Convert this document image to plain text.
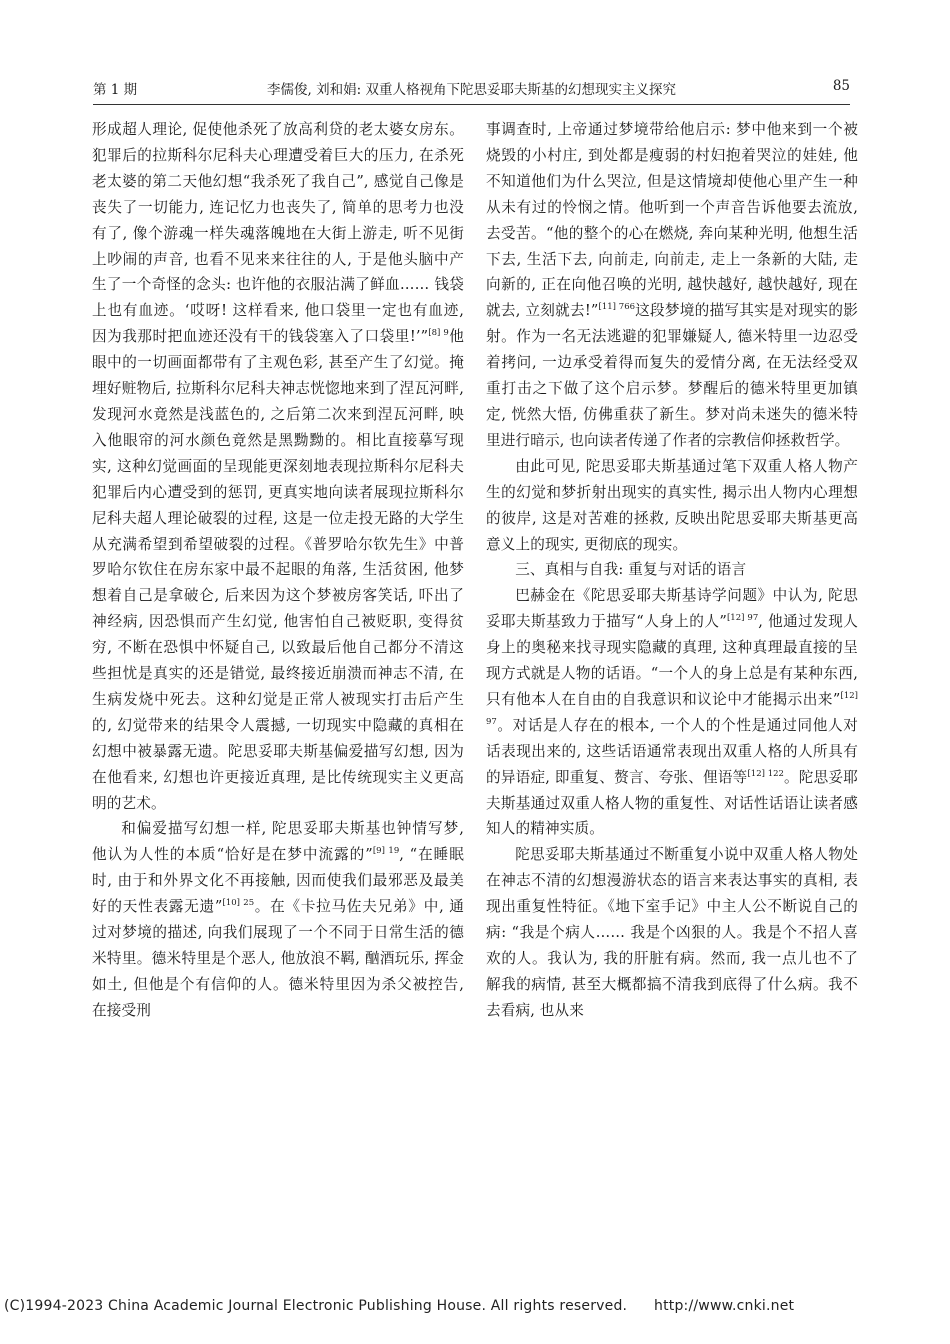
第 1 期	李儒俊, 刘和娟: 双重人格视角下陀思妥耶夫斯基的幻想现实主义探究	85

形成超人理论, 促使他杀死了放高利贷的老太婆女房东。犯罪后的拉斯科尔尼科夫心理遭受着巨大的压力, 在杀死老太婆的第二天他幻想“我杀死了我自己”, 感觉自己像是丧失了一切能力, 连记忆力也丧失了, 简单的思考力也没有了, 像个游魂一样失魂落魄地在大街上游走, 听不见街上吵闹的声音, 也看不见来来往往的人, 于是他头脑中产生了一个奇怪的念头: 也许他的衣服沾满了鲜血…… 钱袋上也有血迹。‘哎呀! 这样看来, 他口袋里一定也有血迹, 因为我那时把血迹还没有干的钱袋塞入了口袋里!’”$^{[8] 9}$他眼中的一切画面都带有了主观色彩, 甚至产生了幻觉。掩埋好赃物后, 拉斯科尔尼科夫神志恍惚地来到了涅瓦河畔, 发现河水竟然是浅蓝色的, 之后第二次来到涅瓦河畔, 映入他眼帘的河水颜色竟然是黑黝黝的。相比直接摹写现实, 这种幻觉画面的呈现能更深刻地表现拉斯科尔尼科夫犯罪后内心遭受到的惩罚, 更真实地向读者展现拉斯科尔尼科夫超人理论破裂的过程, 这是一位走投无路的大学生从充满希望到希望破裂的过程。《普罗哈尔钦先生》中普罗哈尔钦住在房东家中最不起眼的角落, 生活贫困, 他梦想着自己是拿破仑, 后来因为这个梦被房客笑话, 吓出了神经病, 因恐惧而产生幻觉, 他害怕自己被贬职, 变得贫穷, 不断在恐惧中怀疑自己, 以致最后他自己都分不清这些担忧是真实的还是错觉, 最终接近崩溃而神志不清, 在生病发烧中死去。这种幻觉是正常人被现实打击后产生的, 幻觉带来的结果令人震撼, 一切现实中隐藏的真相在幻想中被暴露无遗。陀思妥耶夫斯基偏爱描写幻想, 因为在他看来, 幻想也许更接近真理, 是比传统现实主义更高明的艺术。

和偏爱描写幻想一样, 陀思妥耶夫斯基也钟情写梦, 他认为人性的本质“恰好是在梦中流露的”$^{[9] 19}$, “在睡眠时, 由于和外界文化不再接触, 因而使我们最邪恶及最美好的天性表露无遗”$^{[10] 25}$。在《卡拉马佐夫兄弟》中, 通过对梦境的描述, 向我们展现了一个不同于日常生活的德米特里。德米特里是个恶人, 他放浪不羁, 酗酒玩乐, 挥金如土, 但他是个有信仰的人。德米特里因为杀父被控告, 在接受刑

事调查时, 上帝通过梦境带给他启示: 梦中他来到一个被烧毁的小村庄, 到处都是瘦弱的村妇抱着哭泣的娃娃, 他不知道他们为什么哭泣, 但是这情境却使他心里产生一种从未有过的怜悯之情。他听到一个声音告诉他要去流放, 去受苦。“他的整个的心在燃烧, 奔向某种光明, 他想生活下去, 生活下去, 向前走, 向前走, 走上一条新的大陆, 走向新的, 正在向他召唤的光明, 越快越好, 越快越好, 现在就去, 立刻就去!”$^{[11] 766}$这段梦境的描写其实是对现实的影射。作为一名无法逃避的犯罪嫌疑人, 德米特里一边忍受着拷问, 一边承受着得而复失的爱情分离, 在无法经受双重打击之下做了这个启示梦。梦醒后的德米特里更加镇定, 恍然大悟, 仿佛重获了新生。梦对尚未迷失的德米特里进行暗示, 也向读者传递了作者的宗教信仰拯救哲学。

由此可见, 陀思妥耶夫斯基通过笔下双重人格人物产生的幻觉和梦折射出现实的真实性, 揭示出人物内心理想的彼岸, 这是对苦难的拯救, 反映出陀思妥耶夫斯基更高意义上的现实, 更彻底的现实。

三、真相与自我: 重复与对话的语言

巴赫金在《陀思妥耶夫斯基诗学问题》中认为, 陀思妥耶夫斯基致力于描写“人身上的人”$^{[12] 97}$, 他通过发现人身上的奥秘来找寻现实隐藏的真理, 这种真理最直接的呈现方式就是人物的话语。“一个人的身上总是有某种东西, 只有他本人在自由的自我意识和议论中才能揭示出来”$^{[12] 97}$。对话是人存在的根本, 一个人的个性是通过同他人对话表现出来的, 这些话语通常表现出双重人格的人所具有的异语症, 即重复、赘言、夸张、俚语等$^{[12] 122}$。陀思妥耶夫斯基通过双重人格人物的重复性、对话性话语让读者感知人的精神实质。

陀思妥耶夫斯基通过不断重复小说中双重人格人物处在神志不清的幻想漫游状态的语言来表达事实的真相, 表现出重复性特征。《地下室手记》中主人公不断说自己的病: “我是个病人…… 我是个凶狠的人。我是个不招人喜欢的人。我认为, 我的肝脏有病。然而, 我一点儿也不了解我的病情, 甚至大概都搞不清我到底得了什么病。我不去看病, 也从来

(C)1994-2023 China Academic Journal Electronic Publishing House. All rights reserved. http://www.cnki.net
